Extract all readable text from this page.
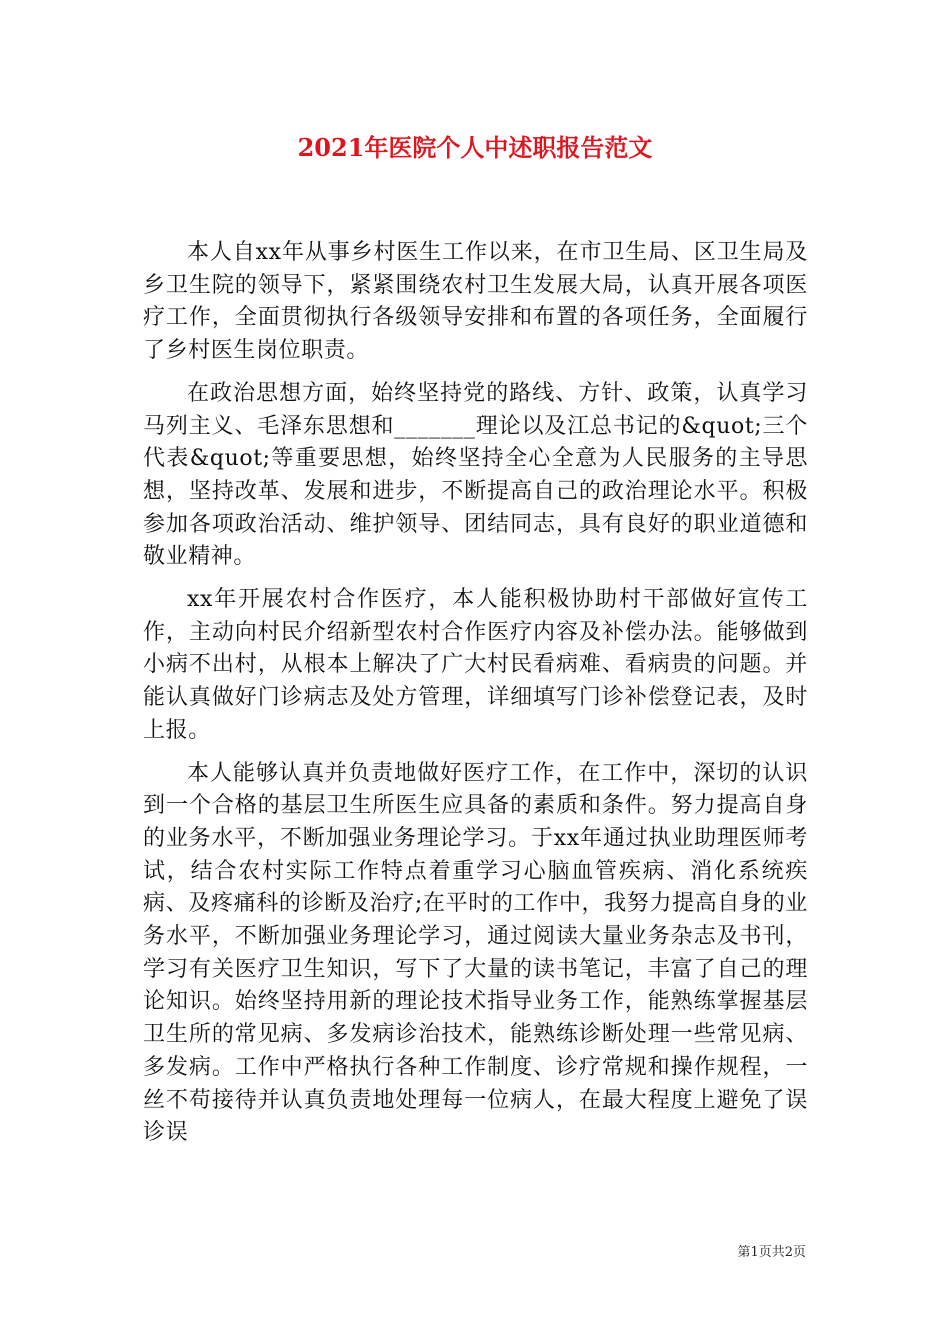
2021年医院个人中述职报告范文

本人自xx年从事乡村医生工作以来，在市卫生局、区卫生局及乡卫生院的领导下，紧紧围绕农村卫生发展大局，认真开展各项医疗工作，全面贯彻执行各级领导安排和布置的各项任务，全面履行了乡村医生岗位职责。

在政治思想方面，始终坚持党的路线、方针、政策，认真学习马列主义、毛泽东思想和_______理论以及江总书记的&quot;三个代表&quot;等重要思想，始终坚持全心全意为人民服务的主导思想，坚持改革、发展和进步，不断提高自己的政治理论水平。积极参加各项政治活动、维护领导、团结同志，具有良好的职业道德和敬业精神。

xx年开展农村合作医疗，本人能积极协助村干部做好宣传工作，主动向村民介绍新型农村合作医疗内容及补偿办法。能够做到小病不出村，从根本上解决了广大村民看病难、看病贵的问题。并能认真做好门诊病志及处方管理，详细填写门诊补偿登记表，及时上报。

本人能够认真并负责地做好医疗工作，在工作中，深切的认识到一个合格的基层卫生所医生应具备的素质和条件。努力提高自身的业务水平，不断加强业务理论学习。于xx年通过执业助理医师考试，结合农村实际工作特点着重学习心脑血管疾病、消化系统疾病、及疼痛科的诊断及治疗;在平时的工作中，我努力提高自身的业务水平，不断加强业务理论学习，通过阅读大量业务杂志及书刊，学习有关医疗卫生知识，写下了大量的读书笔记，丰富了自己的理论知识。始终坚持用新的理论技术指导业务工作，能熟练掌握基层卫生所的常见病、多发病诊治技术，能熟练诊断处理一些常见病、多发病。工作中严格执行各种工作制度、诊疗常规和操作规程，一丝不苟接待并认真负责地处理每一位病人，在最大程度上避免了误诊误

第1页共2页
